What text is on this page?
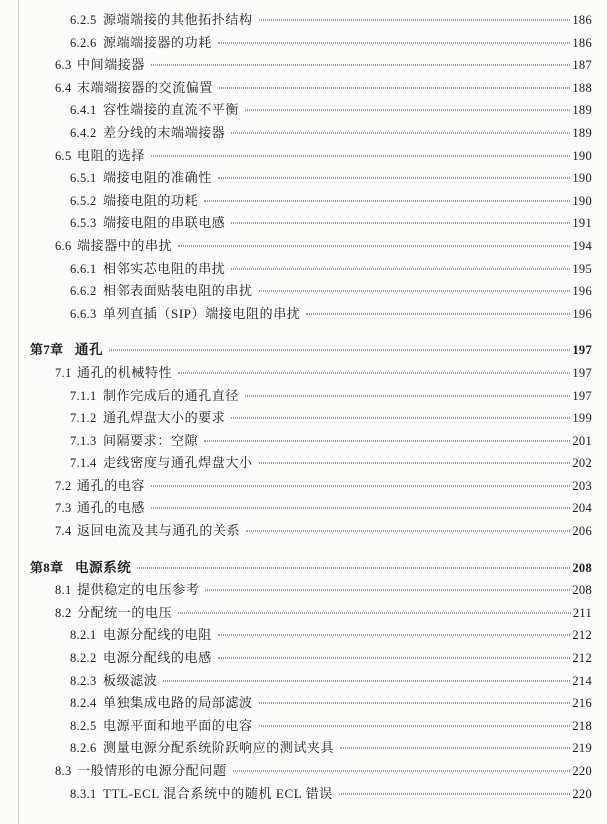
6.2.5 源端端接的其他拓扑结构	186
6.2.6 源端端接器的功耗	186
6.3 中间端接器	187
6.4 末端端接器的交流偏置	188
6.4.1 容性端接的直流不平衡	189
6.4.2 差分线的末端端接器	189
6.5 电阻的选择	190
6.5.1 端接电阻的准确性	190
6.5.2 端接电阻的功耗	190
6.5.3 端接电阻的串联电感	191
6.6 端接器中的串扰	194
6.6.1 相邻实芯电阻的串扰	195
6.6.2 相邻表面贴装电阻的串扰	196
6.6.3 单列直插（SIP）端接电阻的串扰	196
第7章 通孔	197
7.1 通孔的机械特性	197
7.1.1 制作完成后的通孔直径	197
7.1.2 通孔焊盘大小的要求	199
7.1.3 间隔要求：空隙	201
7.1.4 走线密度与通孔焊盘大小	202
7.2 通孔的电容	203
7.3 通孔的电感	204
7.4 返回电流及其与通孔的关系	206
第8章 电源系统	208
8.1 提供稳定的电压参考	208
8.2 分配统一的电压	211
8.2.1 电源分配线的电阻	212
8.2.2 电源分配线的电感	212
8.2.3 板级滤波	214
8.2.4 单独集成电路的局部滤波	216
8.2.5 电源平面和地平面的电容	218
8.2.6 测量电源分配系统阶跃响应的测试夹具	219
8.3 一般情形的电源分配问题	220
8.3.1 TTL-ECL 混合系统中的随机 ECL 错误	220
